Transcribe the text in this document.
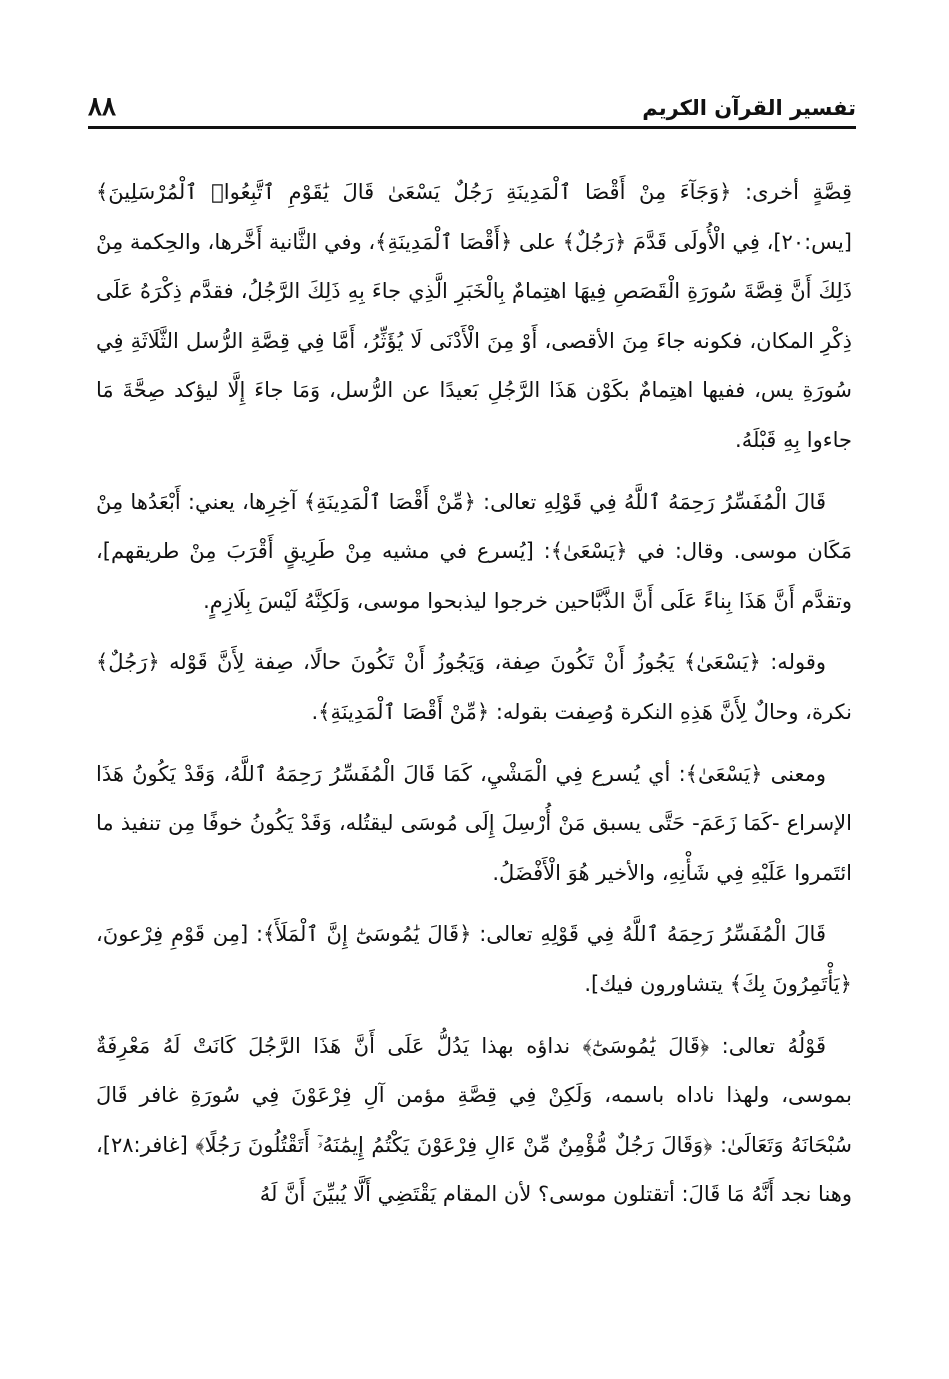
٨٨	تفسير القرآن الكريم

قِصَّةٍ أخرى: ﴿وَجَآءَ مِنْ أَقْصَا ٱلْمَدِينَةِ رَجُلٌ يَسْعَىٰ قَالَ يَٰقَوْمِ ٱتَّبِعُوا۟ ٱلْمُرْسَلِينَ﴾ [يس:٢٠]، فِي الْأُولَى قَدَّمَ ﴿رَجُلٌ﴾ على ﴿أَقْصَا ٱلْمَدِينَةِ﴾، وفي الثَّانية أَخَّرها، والحِكمة مِنْ ذَلِكَ أَنَّ قِصَّةَ سُورَةِ الْقَصَصِ فِيهَا اهتِمامٌ بِالْخَبَرِ الَّذِي جاءَ بِهِ ذَلِكَ الرَّجُلُ، فقدَّم ذِكْرَهُ عَلَى ذِكْرِ المكان، فكونه جاءَ مِنَ الأقصى، أَوْ مِنَ الْأَدْنَى لَا يُؤَثِّرُ، أَمَّا فِي قِصَّةِ الرُّسل الثَّلَاثَةِ فِي سُورَةِ يس، ففيها اهتِمامٌ بكَوْن هَذَا الرَّجُلِ بَعيدًا عن الرُّسل، وَمَا جاءَ إِلَّا ليؤكد صِحَّةَ مَا جاءوا بِهِ قَبْلَهُ.

قَالَ الْمُفَسِّرُ رَحِمَهُ ٱللَّهُ فِي قَوْلِهِ تعالى: ﴿مِّنْ أَقْصَا ٱلْمَدِينَةِ﴾ آخِرِها، يعني: أَبْعَدُها مِنْ مَكَان موسى. وقال: في ﴿يَسْعَىٰ﴾: [يُسرع في مشيه مِنْ طَرِيقٍ أَقْرَبَ مِنْ طريقهم]، وتقدَّم أَنَّ هَذَا بِناءً عَلَى أَنَّ الذَّبَّاحين خرجوا ليذبحوا موسى، وَلَكِنَّهُ لَيْسَ بِلَازِمٍ.

وقوله: ﴿يَسْعَىٰ﴾ يَجُوزُ أَنْ تَكُونَ صِفة، وَيَجُوزُ أَنْ تَكُونَ حالًا، صِفة لِأَنَّ قَوْله ﴿رَجُلٌ﴾ نكرة، وحالٌ لِأَنَّ هَذِهِ النكرة وُصِفت بقوله: ﴿مِّنْ أَقْصَا ٱلْمَدِينَةِ﴾.

ومعنى ﴿يَسْعَىٰ﴾: أي يُسرع فِي الْمَشْيِ، كَمَا قَالَ الْمُفَسِّرُ رَحِمَهُ ٱللَّهُ، وَقَدْ يَكُونُ هَذَا الإسراع -كَمَا زَعَمَ- حَتَّى يسبق مَنْ أُرْسِلَ إِلَى مُوسَى ليقتُله، وَقَدْ يَكُونُ خوفًا مِن تنفيذ ما ائتَمروا عَلَيْهِ فِي شَأْنِهِ، والأخير هُوَ الْأَفْضَلُ.

قَالَ الْمُفَسِّرُ رَحِمَهُ ٱللَّهُ فِي قَوْلِهِ تعالى: ﴿قَالَ يَٰمُوسَىٰٓ إِنَّ ٱلْمَلَأَ﴾: [مِن قَوْمِ فِرْعونَ، ﴿يَأْتَمِرُونَ بِكَ﴾ يتشاورون فيك].

قَوْلُهُ تعالى: ﴿قَالَ يَٰمُوسَىٰٓ﴾ نداؤه بهذا يَدُلُّ عَلَى أَنَّ هَذَا الرَّجُلَ كَانَتْ لَهُ مَعْرِفَةٌ بموسى، ولهذا ناداه باسمه، وَلَكِنْ فِي قِصَّةِ مؤمن آلِ فِرْعَوْنَ فِي سُورَةِ غافر قَالَ سُبْحَانَهُ وَتَعَالَىٰ: ﴿وَقَالَ رَجُلٌ مُّؤْمِنٌ مِّنْ ءَالِ فِرْعَوْنَ يَكْتُمُ إِيمَٰنَهُۥٓ أَتَقْتُلُونَ رَجُلًا﴾ [غافر:٢٨]، وهنا نجد أَنَّهُ مَا قَالَ: أتقتلون موسى؟ لأن المقام يَقْتَضِي أَلَّا يُبيِّنَ أَنَّ لَهُ
